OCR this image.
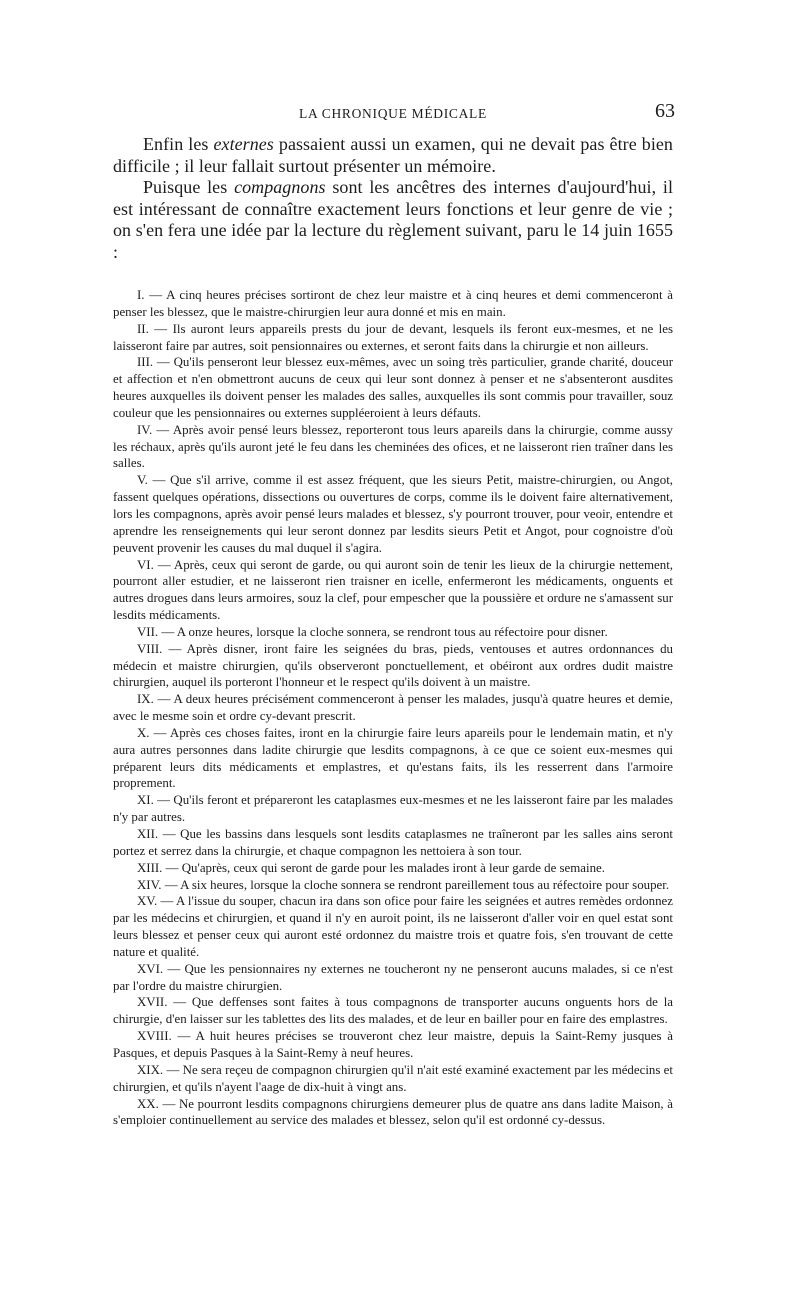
LA CHRONIQUE MÉDICALE	63

Enfin les externes passaient aussi un examen, qui ne devait pas être bien difficile ; il leur fallait surtout présenter un mémoire.

Puisque les compagnons sont les ancêtres des internes d'aujourd'hui, il est intéressant de connaître exactement leurs fonctions et leur genre de vie ; on s'en fera une idée par la lecture du règlement suivant, paru le 14 juin 1655 :

I. — A cinq heures précises sortiront de chez leur maistre et à cinq heures et demi commenceront à penser les blessez, que le maistre-chirurgien leur aura donné et mis en main.

II. — Ils auront leurs appareils prests du jour de devant, lesquels ils feront eux-mesmes, et ne les laisseront faire par autres, soit pensionnaires ou externes, et seront faits dans la chirurgie et non ailleurs.

III. — Qu'ils penseront leur blessez eux-mêmes, avec un soing très particulier, grande charité, douceur et affection et n'en obmettront aucuns de ceux qui leur sont donnez à penser et ne s'absenteront ausdites heures auxquelles ils doivent penser les malades des salles, auxquelles ils sont commis pour travailler, souz couleur que les pensionnaires ou externes suppléeroient à leurs défauts.

IV. — Après avoir pensé leurs blessez, reporteront tous leurs apareils dans la chirurgie, comme aussy les réchaux, après qu'ils auront jeté le feu dans les cheminées des ofices, et ne laisseront rien traîner dans les salles.

V. — Que s'il arrive, comme il est assez fréquent, que les sieurs Petit, maistre-chirurgien, ou Angot, fassent quelques opérations, dissections ou ouvertures de corps, comme ils le doivent faire alternativement, lors les compagnons, après avoir pensé leurs malades et blessez, s'y pourront trouver, pour veoir, entendre et aprendre les renseignements qui leur seront donnez par lesdits sieurs Petit et Angot, pour cognoistre d'où peuvent provenir les causes du mal duquel il s'agira.

VI. — Après, ceux qui seront de garde, ou qui auront soin de tenir les lieux de la chirurgie nettement, pourront aller estudier, et ne laisseront rien traisner en icelle, enfermeront les médicaments, onguents et autres drogues dans leurs armoires, souz la clef, pour empescher que la poussière et ordure ne s'amassent sur lesdits médicaments.

VII. — A onze heures, lorsque la cloche sonnera, se rendront tous au réfectoire pour disner.

VIII. — Après disner, iront faire les seignées du bras, pieds, ventouses et autres ordonnances du médecin et maistre chirurgien, qu'ils observeront ponctuellement, et obéiront aux ordres dudit maistre chirurgien, auquel ils porteront l'honneur et le respect qu'ils doivent à un maistre.

IX. — A deux heures précisément commenceront à penser les malades, jusqu'à quatre heures et demie, avec le mesme soin et ordre cy-devant prescrit.

X. — Après ces choses faites, iront en la chirurgie faire leurs apareils pour le lendemain matin, et n'y aura autres personnes dans ladite chirurgie que lesdits compagnons, à ce que ce soient eux-mesmes qui préparent leurs dits médicaments et emplastres, et qu'estans faits, ils les resserrent dans l'armoire proprement.

XI. — Qu'ils feront et prépareront les cataplasmes eux-mesmes et ne les laisseront faire par les malades n'y par autres.

XII. — Que les bassins dans lesquels sont lesdits cataplasmes ne traîneront par les salles ains seront portez et serrez dans la chirurgie, et chaque compagnon les nettoiera à son tour.

XIII. — Qu'après, ceux qui seront de garde pour les malades iront à leur garde de semaine.

XIV. — A six heures, lorsque la cloche sonnera se rendront pareillement tous au réfectoire pour souper.

XV. — A l'issue du souper, chacun ira dans son ofice pour faire les seignées et autres remèdes ordonnez par les médecins et chirurgien, et quand il n'y en auroit point, ils ne laisseront d'aller voir en quel estat sont leurs blessez et penser ceux qui auront esté ordonnez du maistre trois et quatre fois, s'en trouvant de cette nature et qualité.

XVI. — Que les pensionnaires ny externes ne toucheront ny ne penseront aucuns malades, si ce n'est par l'ordre du maistre chirurgien.

XVII. — Que deffenses sont faites à tous compagnons de transporter aucuns onguents hors de la chirurgie, d'en laisser sur les tablettes des lits des malades, et de leur en bailler pour en faire des emplastres.

XVIII. — A huit heures précises se trouveront chez leur maistre, depuis la Saint-Remy jusques à Pasques, et depuis Pasques à la Saint-Remy à neuf heures.

XIX. — Ne sera reçeu de compagnon chirurgien qu'il n'ait esté examiné exactement par les médecins et chirurgien, et qu'ils n'ayent l'aage de dix-huit à vingt ans.

XX. — Ne pourront lesdits compagnons chirurgiens demeurer plus de quatre ans dans ladite Maison, à s'emploier continuellement au service des malades et blessez, selon qu'il est ordonné cy-dessus.
